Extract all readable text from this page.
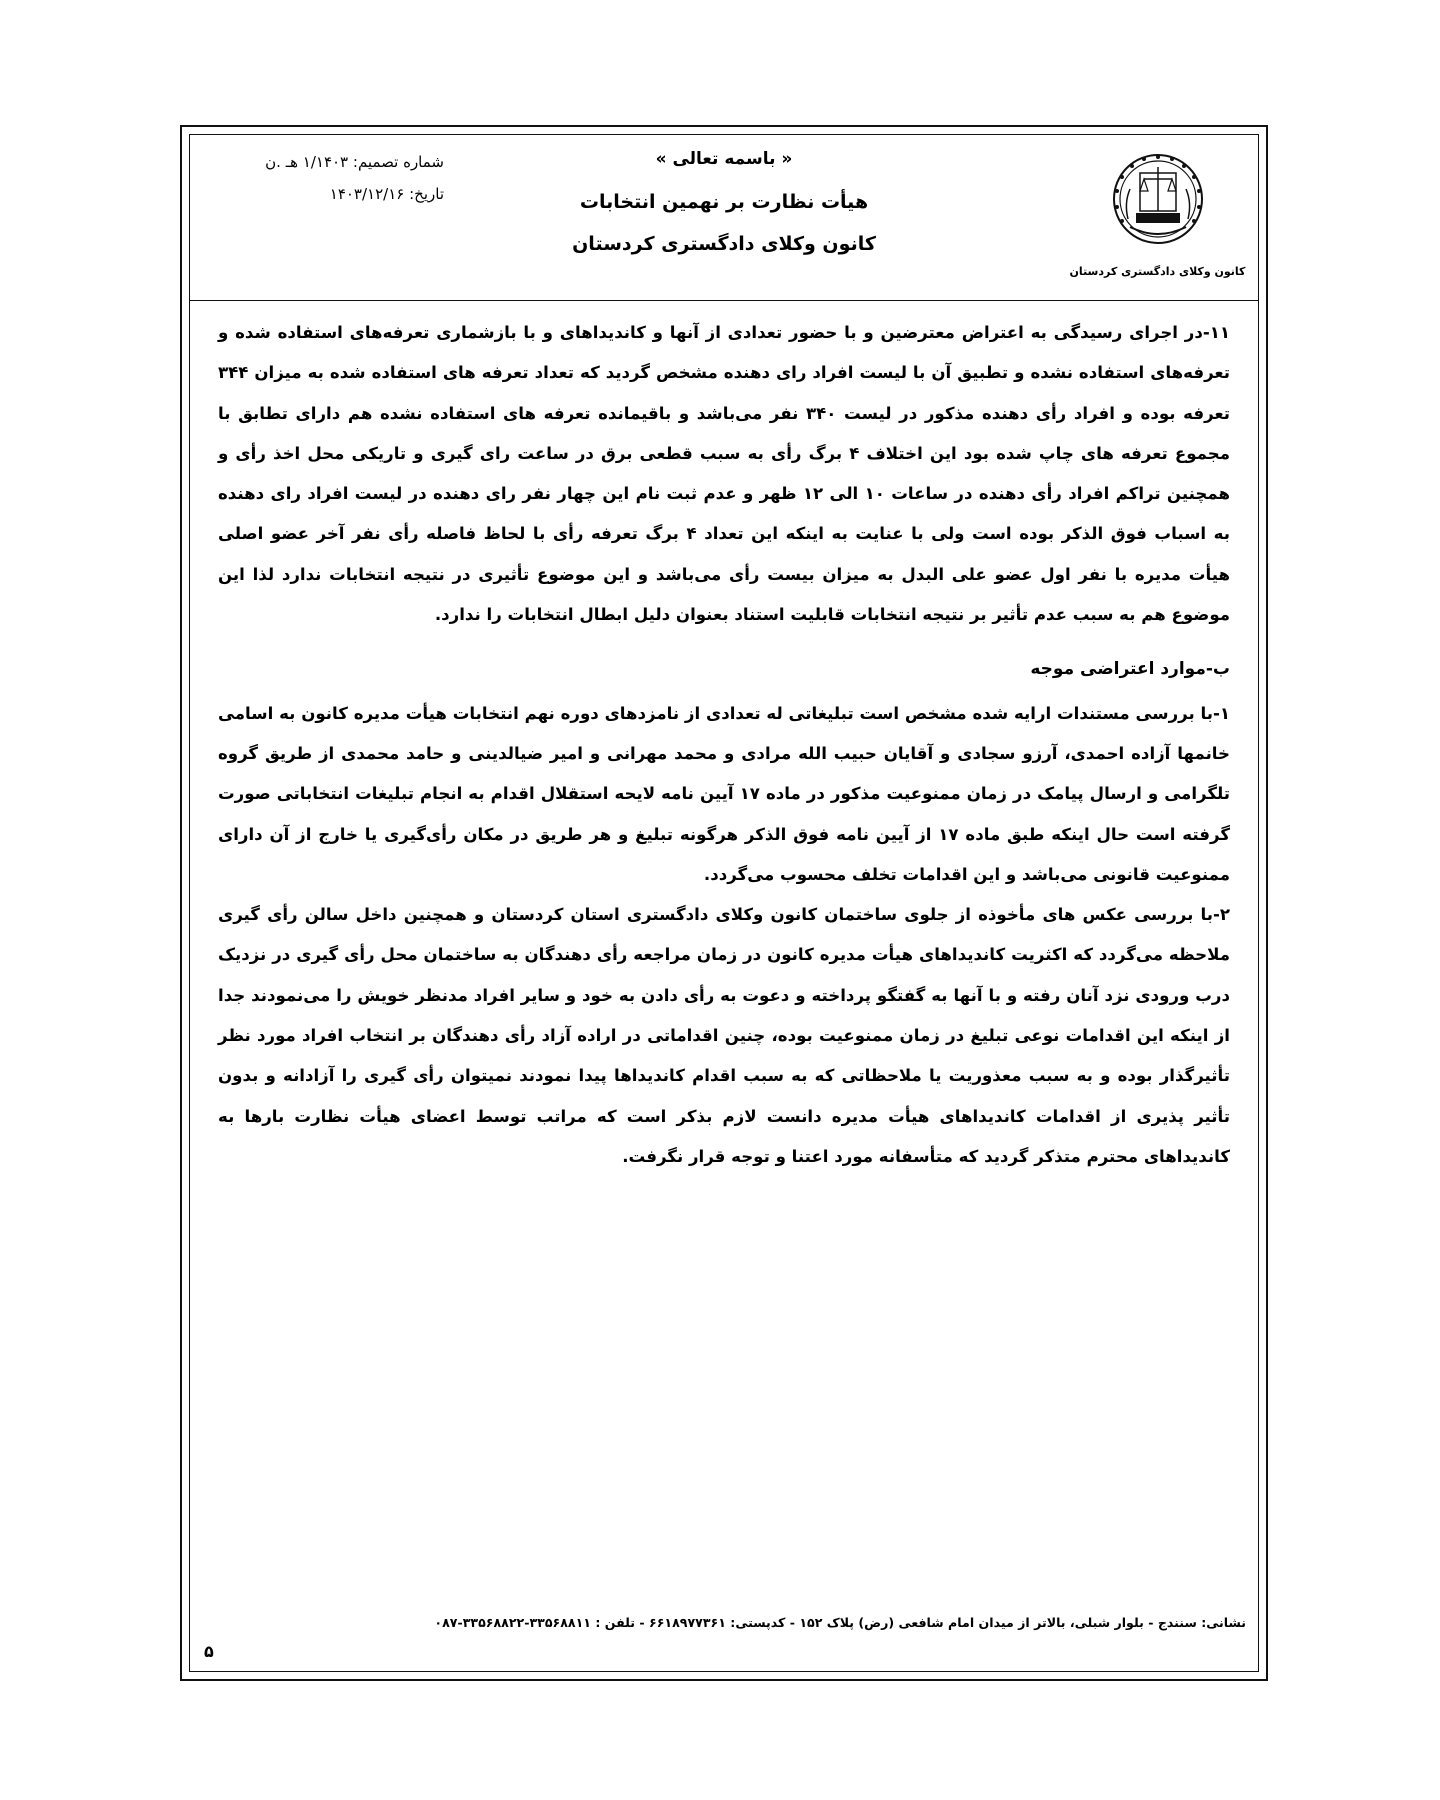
کانون وکلای دادگستری کردستان
« باسمه تعالی »
هیأت نظارت بر نهمین انتخابات
کانون وکلای دادگستری کردستان
شماره تصمیم: ۱/۱۴۰۳ هـ .ن
تاریخ: ۱۴۰۳/۱۲/۱۶

۱۱-در اجرای رسیدگی به اعتراض معترضین و با حضور تعدادی از آنها و کاندیداهای و با بازشماری تعرفه‌های استفاده شده و تعرفه‌های استفاده نشده و تطبیق آن با لیست افراد رای دهنده مشخص گردید که تعداد تعرفه های استفاده شده به میزان ۳۴۴ تعرفه بوده و افراد رأی دهنده مذکور در لیست ۳۴۰ نفر می‌باشد و باقیمانده تعرفه های استفاده نشده هم دارای تطابق با مجموع تعرفه های چاپ شده بود این اختلاف ۴ برگ رأی به سبب قطعی برق در ساعت رای گیری و تاریکی محل اخذ رأی و همچنین تراکم افراد رأی دهنده در ساعات ۱۰ الی ۱۲ ظهر و عدم ثبت نام این چهار نفر رای دهنده در لیست افراد رای دهنده به اسباب فوق الذکر بوده است ولی با عنایت به اینکه این تعداد ۴ برگ تعرفه رأی با لحاظ فاصله رأی نفر آخر عضو اصلی هیأت مدیره با نفر اول عضو علی البدل به میزان بیست رأی می‌باشد و این موضوع تأثیری در نتیجه انتخابات ندارد لذا این موضوع هم به سبب عدم تأثیر بر نتیجه انتخابات قابلیت استناد بعنوان دلیل ابطال انتخابات را ندارد.

ب-موارد اعتراضی موجه

۱-با بررسی مستندات ارایه شده مشخص است تبلیغاتی له تعدادی از نامزدهای دوره نهم انتخابات هیأت مدیره کانون به اسامی خانمها آزاده احمدی، آرزو سجادی و آقایان حبیب الله مرادی و محمد مهرانی و امیر ضیالدینی و حامد محمدی از طریق گروه تلگرامی و ارسال پیامک در زمان ممنوعیت مذکور در ماده ۱۷ آیین نامه لایحه استقلال اقدام به انجام تبلیغات انتخاباتی صورت گرفته است حال اینکه طبق ماده ۱۷ از آیین نامه فوق الذکر هرگونه تبلیغ و هر طریق در مکان رأی‌گیری یا خارج از آن دارای ممنوعیت قانونی می‌باشد و این اقدامات تخلف محسوب می‌گردد.

۲-با بررسی عکس های مأخوذه از جلوی ساختمان کانون وکلای دادگستری استان کردستان و همچنین داخل سالن رأی گیری ملاحظه می‌گردد که اکثریت کاندیداهای هیأت مدیره کانون در زمان مراجعه رأی دهندگان به ساختمان محل رأی گیری در نزدیک درب ورودی نزد آنان رفته و با آنها به گفتگو پرداخته و دعوت به رأی دادن به خود و سایر افراد مدنظر خویش را می‌نمودند جدا از اینکه این اقدامات نوعی تبلیغ در زمان ممنوعیت بوده، چنین اقداماتی در اراده آزاد رأی دهندگان بر انتخاب افراد مورد نظر تأثیرگذار بوده و به سبب معذوریت یا ملاحظاتی که به سبب اقدام کاندیداها پیدا نمودند نمیتوان رأی گیری را آزادانه و بدون تأثیر پذیری از اقدامات کاندیداهای هیأت مدیره دانست لازم بذکر است که مراتب توسط اعضای هیأت نظارت بارها به کاندیداهای محترم متذکر گردید که متأسفانه مورد اعتنا و توجه قرار نگرفت.

نشانی: سنندج - بلوار شبلی، بالاتر از میدان امام شافعی (رض) پلاک ۱۵۲ - کدپستی: ۶۶۱۸۹۷۷۳۶۱ - تلفن : ۳۳۵۶۸۸۱۱-۳۳۵۶۸۸۲۲-۰۸۷
۵
